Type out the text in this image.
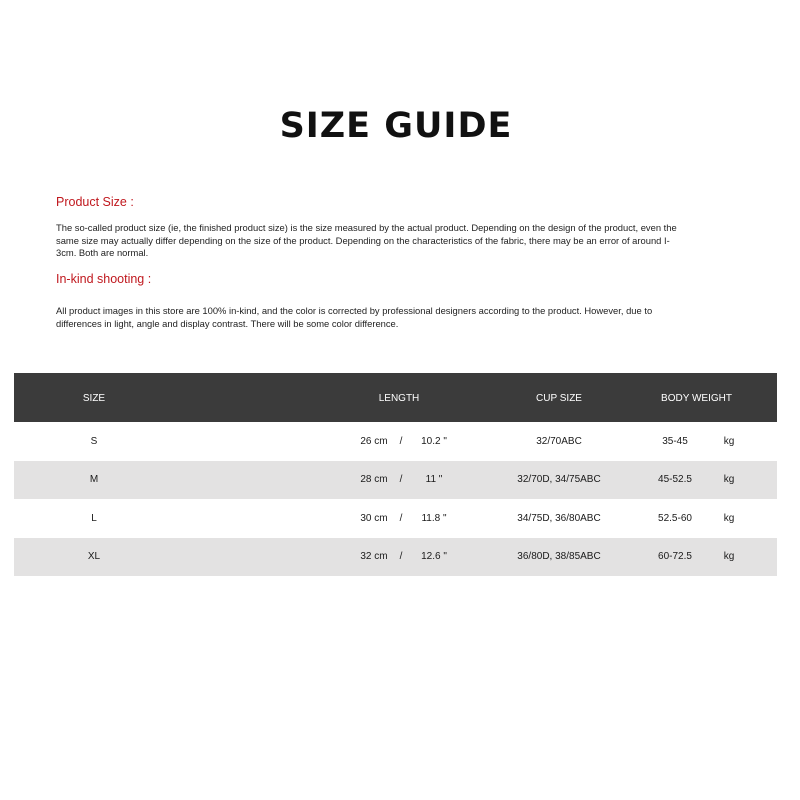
SIZE GUIDE
Product Size :
The so-called product size (ie, the finished product size) is the size measured by the actual product. Depending on the design of the product, even the
same size may actually differ depending on the size of the product. Depending on the characteristics of the fabric, there may be an error of around I-
3cm. Both are normal.
In-kind shooting :
All product images in this store are 100% in-kind, and the color is corrected by professional designers according to the product. However, due to
differences in light, angle and display contrast. There will be some color difference.
SIZE	LENGTH	CUP SIZE	BODY WEIGHT
S	26 cm	/	10.2 "	32/70ABC	35-45	kg
M	28 cm	/	11 "	32/70D, 34/75ABC	45-52.5	kg
L	30 cm	/	11.8 "	34/75D, 36/80ABC	52.5-60	kg
XL	32 cm	/	12.6 "	36/80D, 38/85ABC	60-72.5	kg
